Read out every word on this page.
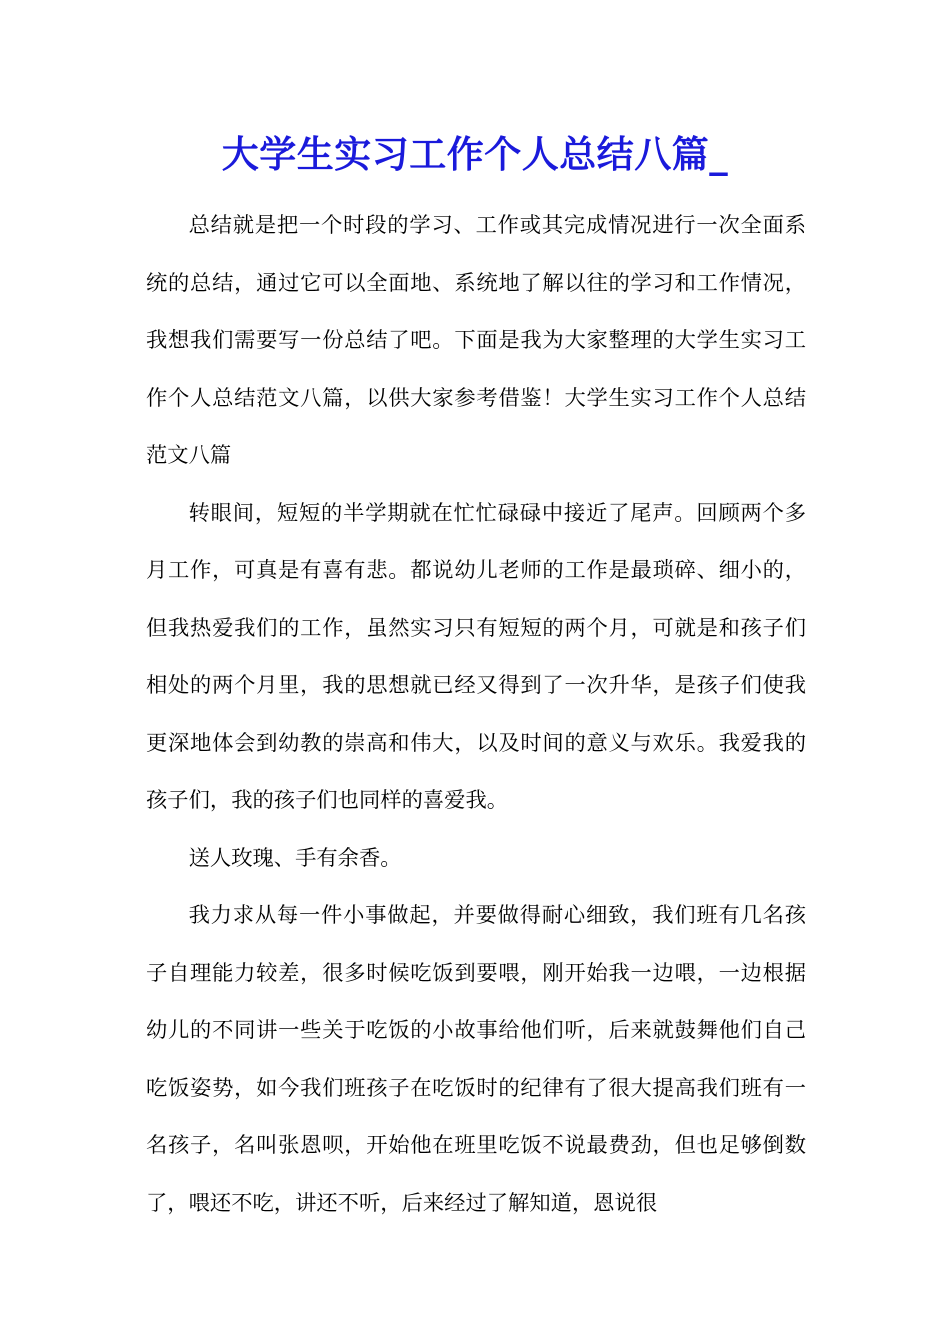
大学生实习工作个人总结八篇_

总结就是把一个时段的学习、工作或其完成情况进行一次全面系统的总结，通过它可以全面地、系统地了解以往的学习和工作情况，我想我们需要写一份总结了吧。下面是我为大家整理的大学生实习工作个人总结范文八篇，以供大家参考借鉴！大学生实习工作个人总结范文八篇

转眼间，短短的半学期就在忙忙碌碌中接近了尾声。回顾两个多月工作，可真是有喜有悲。都说幼儿老师的工作是最琐碎、细小的，但我热爱我们的工作，虽然实习只有短短的两个月，可就是和孩子们相处的两个月里，我的思想就已经又得到了一次升华，是孩子们使我更深地体会到幼教的崇高和伟大，以及时间的意义与欢乐。我爱我的孩子们，我的孩子们也同样的喜爱我。

送人玫瑰、手有余香。

我力求从每一件小事做起，并要做得耐心细致，我们班有几名孩子自理能力较差，很多时候吃饭到要喂，刚开始我一边喂，一边根据幼儿的不同讲一些关于吃饭的小故事给他们听，后来就鼓舞他们自己吃饭姿势，如今我们班孩子在吃饭时的纪律有了很大提高我们班有一名孩子，名叫张恩呗，开始他在班里吃饭不说最费劲，但也足够倒数了，喂还不吃，讲还不听，后来经过了解知道，恩说很
